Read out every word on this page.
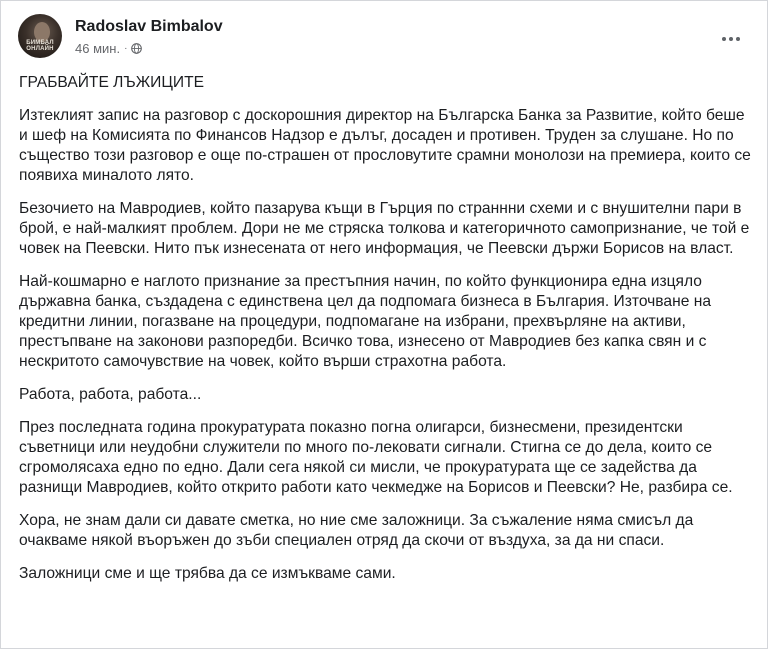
БИМБАЛ ОНЛАЙН
Radoslav Bimbalov
46 мин. ·

ГРАБВАЙТЕ ЛЪЖИЦИТЕ

Изтеклият запис на разговор с доскорошния директор на Българска Банка за Развитие, който беше и шеф на Комисията по Финансов Надзор е дълъг, досаден и противен. Труден за слушане. Но по същество този разговор е още по-страшен от прословутите срамни монолози на премиера, които се появиха миналото лято.

Безочието на Мавродиев, който пазарува къщи в Гърция по страннни схеми и с внушителни пари в брой, е най-малкият проблем. Дори не ме стряска толкова и категоричното самопризнание, че той е човек на Пеевски. Нито пък изнесената от него информация, че Пеевски държи Борисов на власт.

Най-кошмарно е наглото признание за престъпния начин, по който функционира една изцяло държавна банка, създадена с единствена цел да подпомага бизнеса в България. Източване на кредитни линии, погазване на процедури, подпомагане на избрани, прехвърляне на активи, престъпване на законови разпоредби. Всичко това, изнесено от Мавродиев без капка свян и с нескритото самочувствие на човек, който върши страхотна работа.

Работа, работа, работа...

През последната година прокуратурата показно погна олигарси, бизнесмени, президентски съветници или неудобни служители по много по-лековати сигнали. Стигна се до дела, които се сгромолясаха едно по едно. Дали сега някой си мисли, че прокуратурата ще се задейства да разнищи Мавродиев, който открито работи като чекмедже на Борисов и Пеевски? Не, разбира се.

Хора, не знам дали си давате сметка, но ние сме заложници. За съжаление няма смисъл да очакваме някой въоръжен до зъби специален отряд да скочи от въздуха, за да ни спаси.

Заложници сме и ще трябва да се измъкваме сами.
